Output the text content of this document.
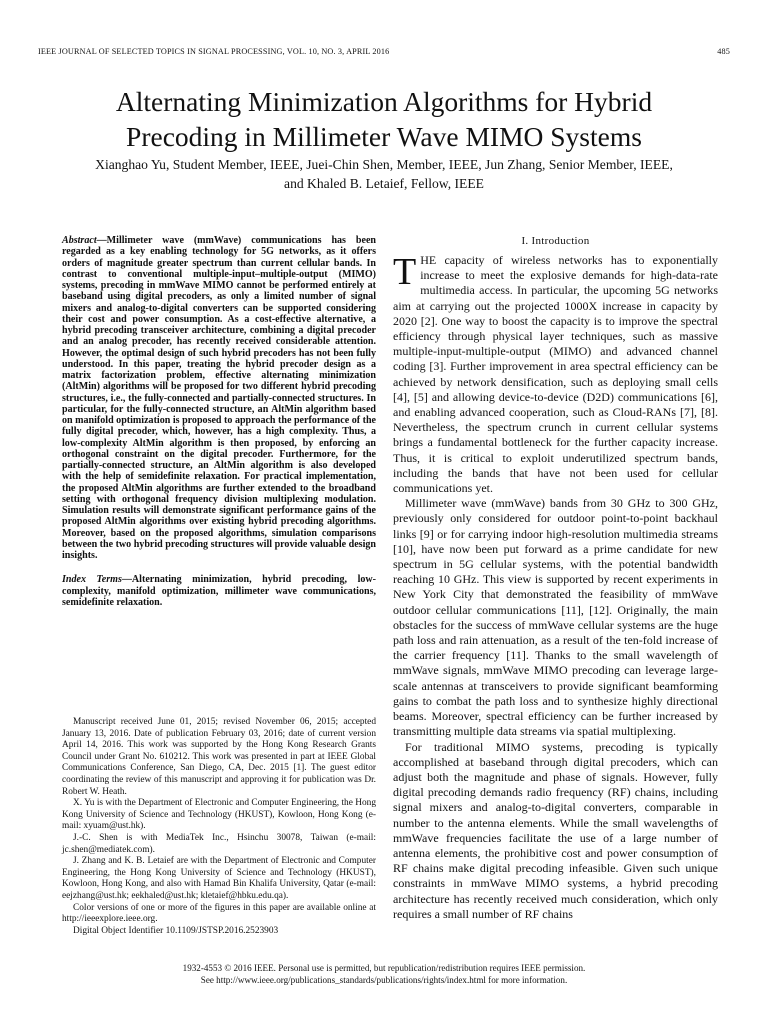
IEEE JOURNAL OF SELECTED TOPICS IN SIGNAL PROCESSING, VOL. 10, NO. 3, APRIL 2016	485
Alternating Minimization Algorithms for Hybrid
Precoding in Millimeter Wave MIMO Systems
Xianghao Yu, Student Member, IEEE, Juei-Chin Shen, Member, IEEE, Jun Zhang, Senior Member, IEEE,
and Khaled B. Letaief, Fellow, IEEE

Abstract—Millimeter wave (mmWave) communications has been regarded as a key enabling technology for 5G networks, as it offers orders of magnitude greater spectrum than current cellular bands. In contrast to conventional multiple-input–multiple-output (MIMO) systems, precoding in mmWave MIMO cannot be performed entirely at baseband using digital precoders, as only a limited number of signal mixers and analog-to-digital converters can be supported considering their cost and power consumption. As a cost-effective alternative, a hybrid precoding transceiver architecture, combining a digital precoder and an analog precoder, has recently received considerable attention. However, the optimal design of such hybrid precoders has not been fully understood. In this paper, treating the hybrid precoder design as a matrix factorization problem, effective alternating minimization (AltMin) algorithms will be proposed for two different hybrid precoding structures, i.e., the fully-connected and partially-connected structures. In particular, for the fully-connected structure, an AltMin algorithm based on manifold optimization is proposed to approach the performance of the fully digital precoder, which, however, has a high complexity. Thus, a low-complexity AltMin algorithm is then proposed, by enforcing an orthogonal constraint on the digital precoder. Furthermore, for the partially-connected structure, an AltMin algorithm is also developed with the help of semidefinite relaxation. For practical implementation, the proposed AltMin algorithms are further extended to the broadband setting with orthogonal frequency division multiplexing modulation. Simulation results will demonstrate significant performance gains of the proposed AltMin algorithms over existing hybrid precoding algorithms. Moreover, based on the proposed algorithms, simulation comparisons between the two hybrid precoding structures will provide valuable design insights.

Index Terms—Alternating minimization, hybrid precoding, low-complexity, manifold optimization, millimeter wave communications, semidefinite relaxation.

Manuscript received June 01, 2015; revised November 06, 2015; accepted January 13, 2016. Date of publication February 03, 2016; date of current version April 14, 2016. This work was supported by the Hong Kong Research Grants Council under Grant No. 610212. This work was presented in part at IEEE Global Communications Conference, San Diego, CA, Dec. 2015 [1]. The guest editor coordinating the review of this manuscript and approving it for publication was Dr. Robert W. Heath.

X. Yu is with the Department of Electronic and Computer Engineering, the Hong Kong University of Science and Technology (HKUST), Kowloon, Hong Kong (e-mail: xyuam@ust.hk).

J.-C. Shen is with MediaTek Inc., Hsinchu 30078, Taiwan (e-mail: jc.shen@mediatek.com).

J. Zhang and K. B. Letaief are with the Department of Electronic and Computer Engineering, the Hong Kong University of Science and Technology (HKUST), Kowloon, Hong Kong, and also with Hamad Bin Khalifa University, Qatar (e-mail: eejzhang@ust.hk; eekhaled@ust.hk; kletaief@hbku.edu.qa).

Color versions of one or more of the figures in this paper are available online at http://ieeexplore.ieee.org.

Digital Object Identifier 10.1109/JSTSP.2016.2523903

I. Introduction

THE capacity of wireless networks has to exponentially increase to meet the explosive demands for high-data-rate multimedia access. In particular, the upcoming 5G networks aim at carrying out the projected 1000X increase in capacity by 2020 [2]. One way to boost the capacity is to improve the spectral efficiency through physical layer techniques, such as massive multiple-input-multiple-output (MIMO) and advanced channel coding [3]. Further improvement in area spectral efficiency can be achieved by network densification, such as deploying small cells [4], [5] and allowing device-to-device (D2D) communications [6], and enabling advanced cooperation, such as Cloud-RANs [7], [8]. Nevertheless, the spectrum crunch in current cellular systems brings a fundamental bottleneck for the further capacity increase. Thus, it is critical to exploit underutilized spectrum bands, including the bands that have not been used for cellular communications yet.

Millimeter wave (mmWave) bands from 30 GHz to 300 GHz, previously only considered for outdoor point-to-point backhaul links [9] or for carrying indoor high-resolution multimedia streams [10], have now been put forward as a prime candidate for new spectrum in 5G cellular systems, with the potential bandwidth reaching 10 GHz. This view is supported by recent experiments in New York City that demonstrated the feasibility of mmWave outdoor cellular communications [11], [12]. Originally, the main obstacles for the success of mmWave cellular systems are the huge path loss and rain attenuation, as a result of the ten-fold increase of the carrier frequency [11]. Thanks to the small wavelength of mmWave signals, mmWave MIMO precoding can leverage large-scale antennas at transceivers to provide significant beamforming gains to combat the path loss and to synthesize highly directional beams. Moreover, spectral efficiency can be further increased by transmitting multiple data streams via spatial multiplexing.

For traditional MIMO systems, precoding is typically accomplished at baseband through digital precoders, which can adjust both the magnitude and phase of signals. However, fully digital precoding demands radio frequency (RF) chains, including signal mixers and analog-to-digital converters, comparable in number to the antenna elements. While the small wavelengths of mmWave frequencies facilitate the use of a large number of antenna elements, the prohibitive cost and power consumption of RF chains make digital precoding infeasible. Given such unique constraints in mmWave MIMO systems, a hybrid precoding architecture has recently received much consideration, which only requires a small number of RF chains

1932-4553 © 2016 IEEE. Personal use is permitted, but republication/redistribution requires IEEE permission.
See http://www.ieee.org/publications_standards/publications/rights/index.html for more information.
